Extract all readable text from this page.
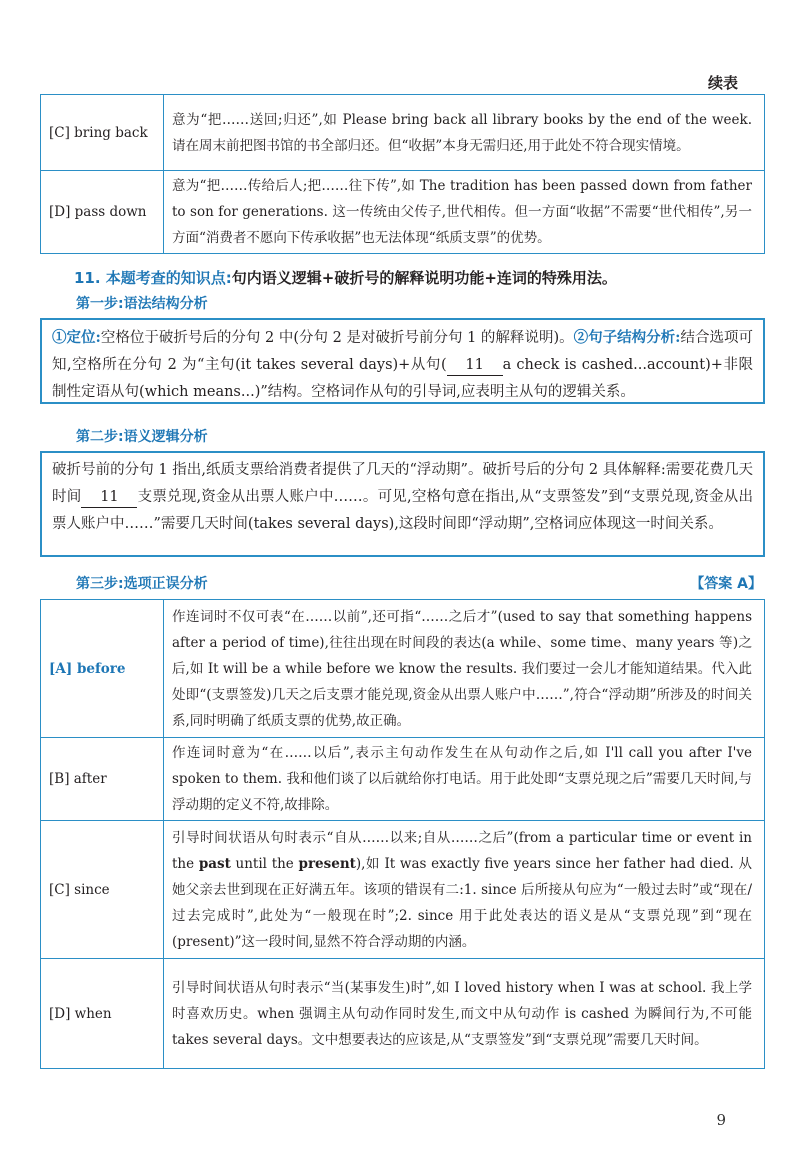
续表
[C] bring back	意为“把……送回;归还”,如 Please bring back all library books by the end of the week. 请在周末前把图书馆的书全部归还。但“收据”本身无需归还,用于此处不符合现实情境。
[D] pass down	意为“把……传给后人;把……往下传”,如 The tradition has been passed down from father to son for generations. 这一传统由父传子,世代相传。但一方面“收据”不需要“世代相传”,另一方面“消费者不愿向下传承收据”也无法体现“纸质支票”的优势。
11. 本题考查的知识点:句内语义逻辑+破折号的解释说明功能+连词的特殊用法。
第一步:语法结构分析
①定位:空格位于破折号后的分句 2 中(分句 2 是对破折号前分句 1 的解释说明)。②句子结构分析:结合选项可知,空格所在分句 2 为“主句(it takes several days)+从句( 11 a check is cashed...account)+非限制性定语从句(which means...)”结构。空格词作从句的引导词,应表明主从句的逻辑关系。
第二步:语义逻辑分析
破折号前的分句 1 指出,纸质支票给消费者提供了几天的“浮动期”。破折号后的分句 2 具体解释:需要花费几天时间 11 支票兑现,资金从出票人账户中……。可见,空格句意在指出,从“支票签发”到“支票兑现,资金从出票人账户中……”需要几天时间(takes several days),这段时间即“浮动期”,空格词应体现这一时间关系。
第三步:选项正误分析	【答案 A】
[A] before	作连词时不仅可表“在……以前”,还可指“……之后才”(used to say that something happens after a period of time),往往出现在时间段的表达(a while、some time、many years 等)之后,如 It will be a while before we know the results. 我们要过一会儿才能知道结果。代入此处即“(支票签发)几天之后支票才能兑现,资金从出票人账户中……”,符合“浮动期”所涉及的时间关系,同时明确了纸质支票的优势,故正确。
[B] after	作连词时意为“在……以后”,表示主句动作发生在从句动作之后,如 I'll call you after I've spoken to them. 我和他们谈了以后就给你打电话。用于此处即“支票兑现之后”需要几天时间,与浮动期的定义不符,故排除。
[C] since	引导时间状语从句时表示“自从……以来;自从……之后”(from a particular time or event in the past until the present),如 It was exactly five years since her father had died. 从她父亲去世到现在正好满五年。该项的错误有二:1. since 后所接从句应为“一般过去时”或“现在/过去完成时”,此处为“一般现在时”;2. since 用于此处表达的语义是从“支票兑现”到“现在(present)”这一段时间,显然不符合浮动期的内涵。
[D] when	引导时间状语从句时表示“当(某事发生)时”,如 I loved history when I was at school. 我上学时喜欢历史。when 强调主从句动作同时发生,而文中从句动作 is cashed 为瞬间行为,不可能 takes several days。文中想要表达的应该是,从“支票签发”到“支票兑现”需要几天时间。
9
